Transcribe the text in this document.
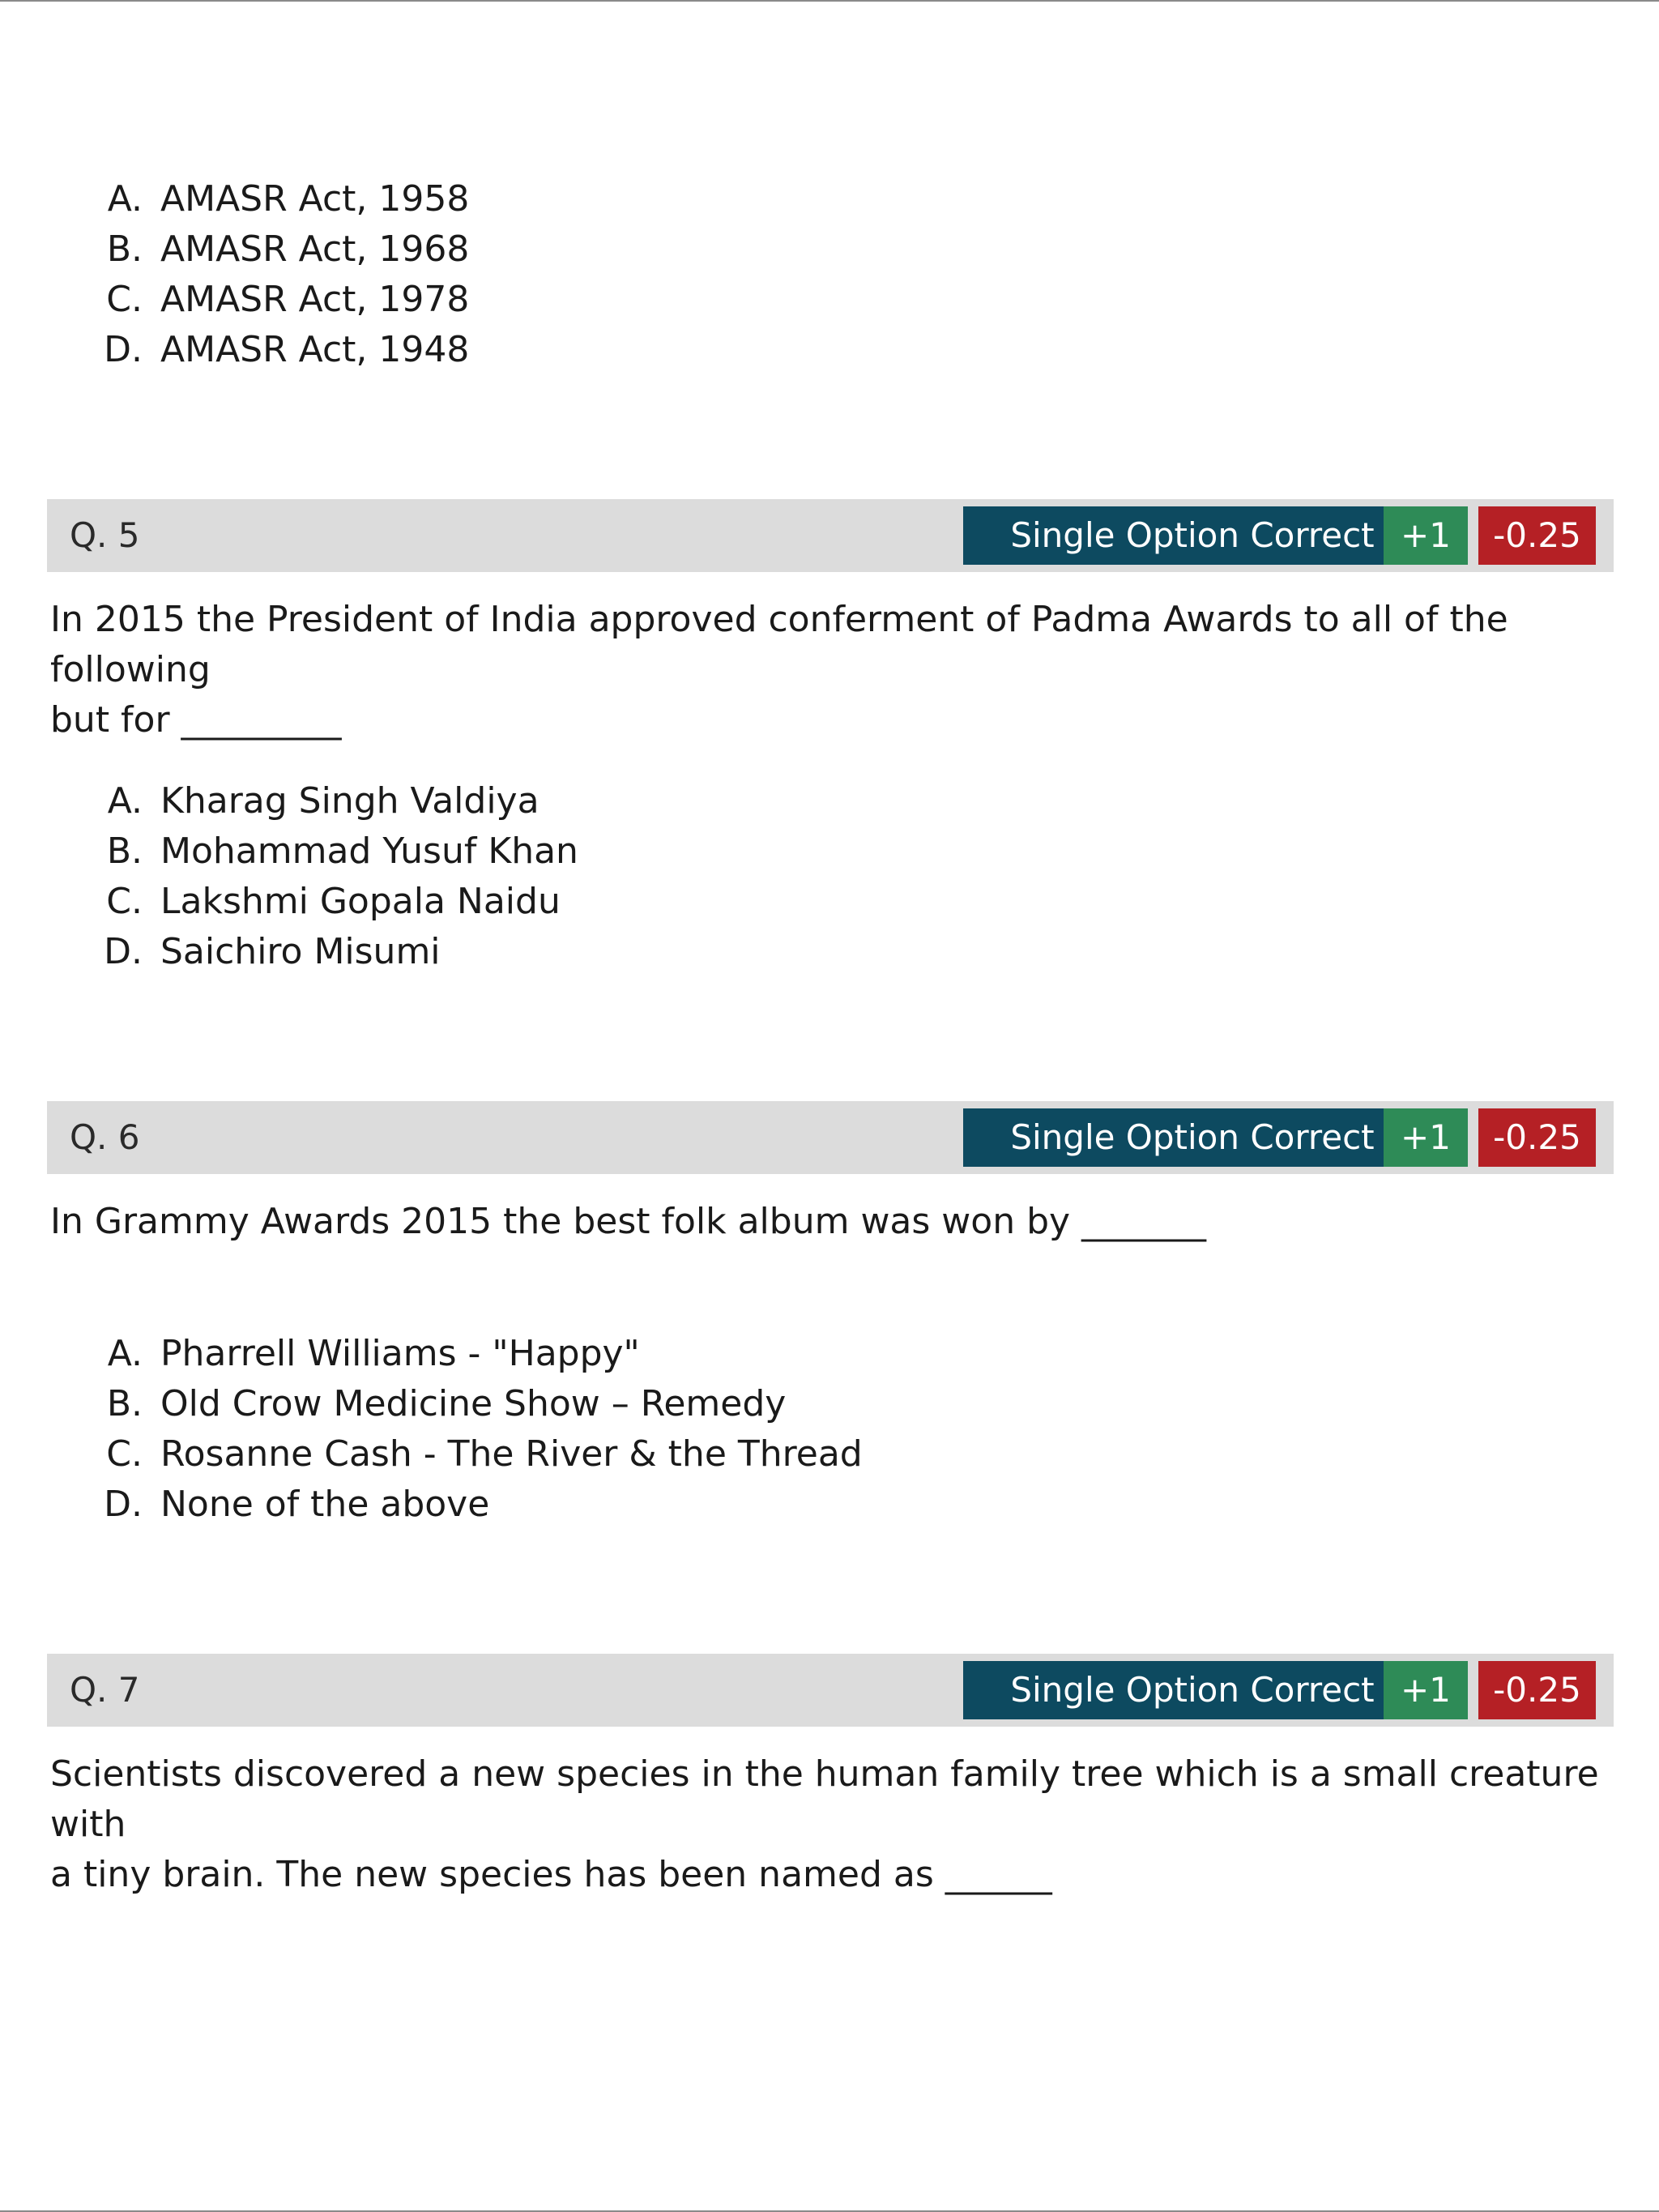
A. AMASR Act, 1958
B. AMASR Act, 1968
C. AMASR Act, 1978
D. AMASR Act, 1948
Q. 5	Single Option Correct +1	-0.25

In 2015 the President of India approved conferment of Padma Awards to all of the following
but for _________

A. Kharag Singh Valdiya
B. Mohammad Yusuf Khan
C. Lakshmi Gopala Naidu
D. Saichiro Misumi
Q. 6	Single Option Correct +1	-0.25

In Grammy Awards 2015 the best folk album was won by _______

A. Pharrell Williams - "Happy"
B. Old Crow Medicine Show – Remedy
C. Rosanne Cash - The River & the Thread
D. None of the above
Q. 7	Single Option Correct +1	-0.25

Scientists discovered a new species in the human family tree which is a small creature with
a tiny brain. The new species has been named as ______
